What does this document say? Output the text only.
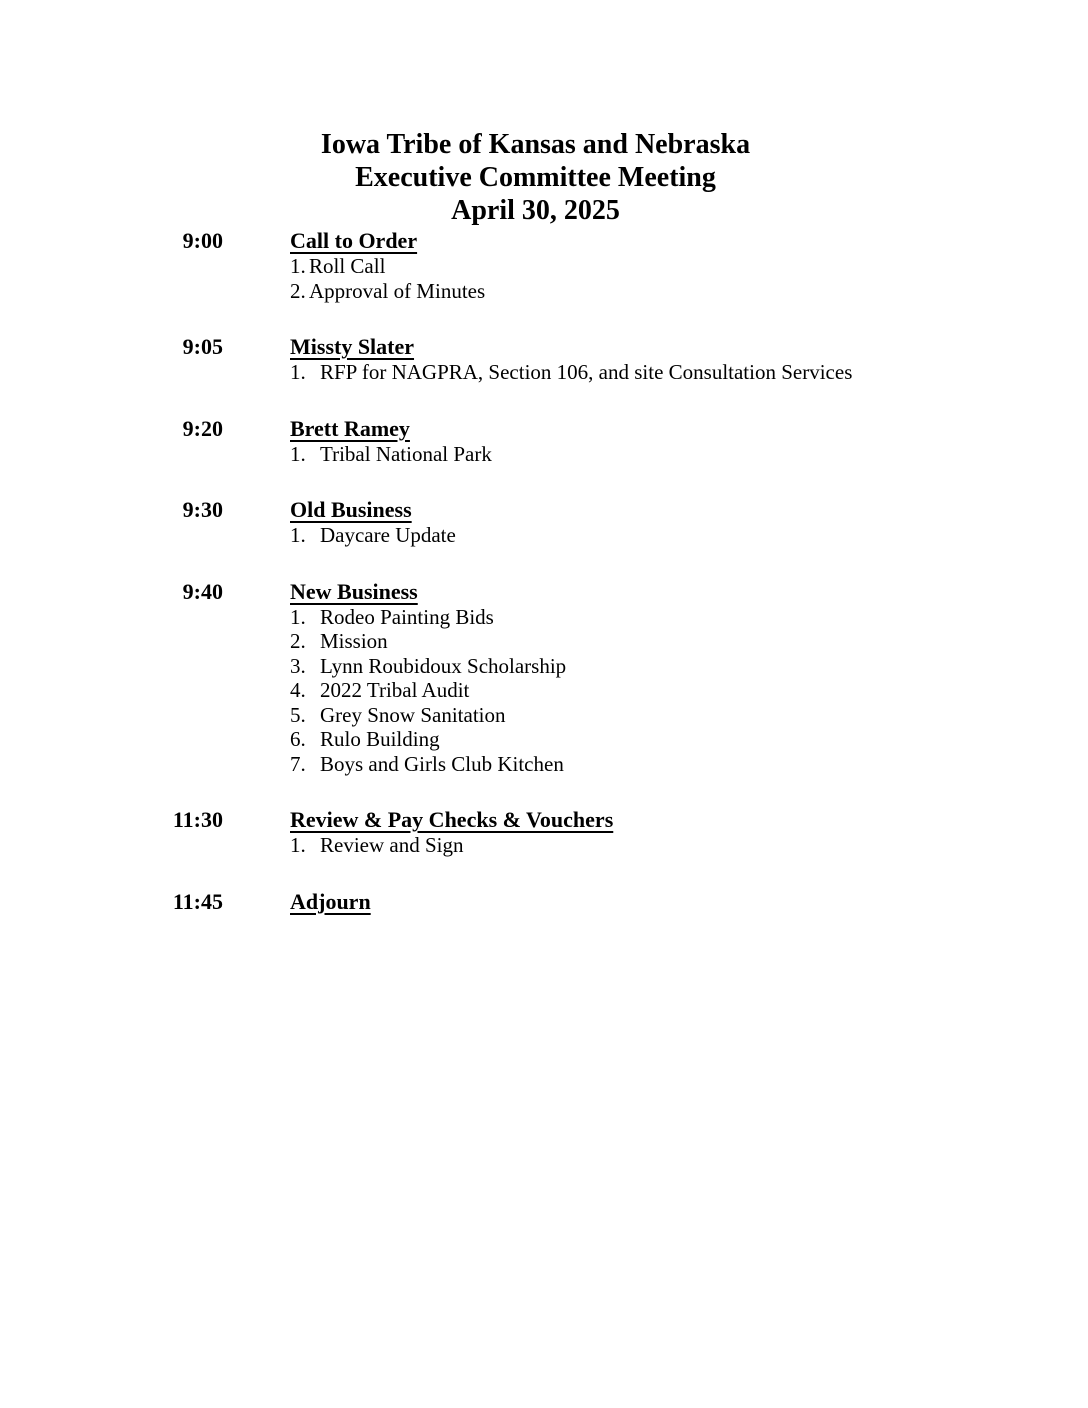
Iowa Tribe of Kansas and Nebraska
Executive Committee Meeting
April 30, 2025
9:00	Call to Order
1. Roll Call
2. Approval of Minutes
9:05	Missty Slater
1. RFP for NAGPRA, Section 106, and site Consultation Services
9:20	Brett Ramey
1. Tribal National Park
9:30	Old Business
1. Daycare Update
9:40	New Business
1. Rodeo Painting Bids
2. Mission
3. Lynn Roubidoux Scholarship
4. 2022 Tribal Audit
5. Grey Snow Sanitation
6. Rulo Building
7. Boys and Girls Club Kitchen
11:30	Review & Pay Checks & Vouchers
1. Review and Sign
11:45	Adjourn
